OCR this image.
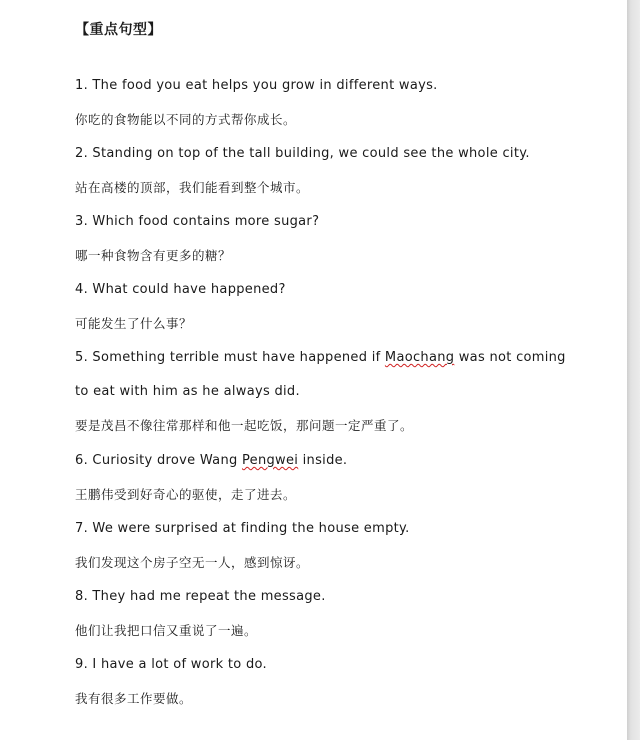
【重点句型】

1. The food you eat helps you grow in different ways.

你吃的食物能以不同的方式帮你成长。

2. Standing on top of the tall building, we could see the whole city.

站在高楼的顶部，我们能看到整个城市。

3. Which food contains more sugar?

哪一种食物含有更多的糖？

4. What could have happened?

可能发生了什么事？

5. Something terrible must have happened if Maochang was not coming

to eat with him as he always did.

要是茂昌不像往常那样和他一起吃饭，那问题一定严重了。

6. Curiosity drove Wang Pengwei inside.

王鹏伟受到好奇心的驱使，走了进去。

7. We were surprised at finding the house empty.

我们发现这个房子空无一人，感到惊讶。

8. They had me repeat the message.

他们让我把口信又重说了一遍。

9. I have a lot of work to do.

我有很多工作要做。
